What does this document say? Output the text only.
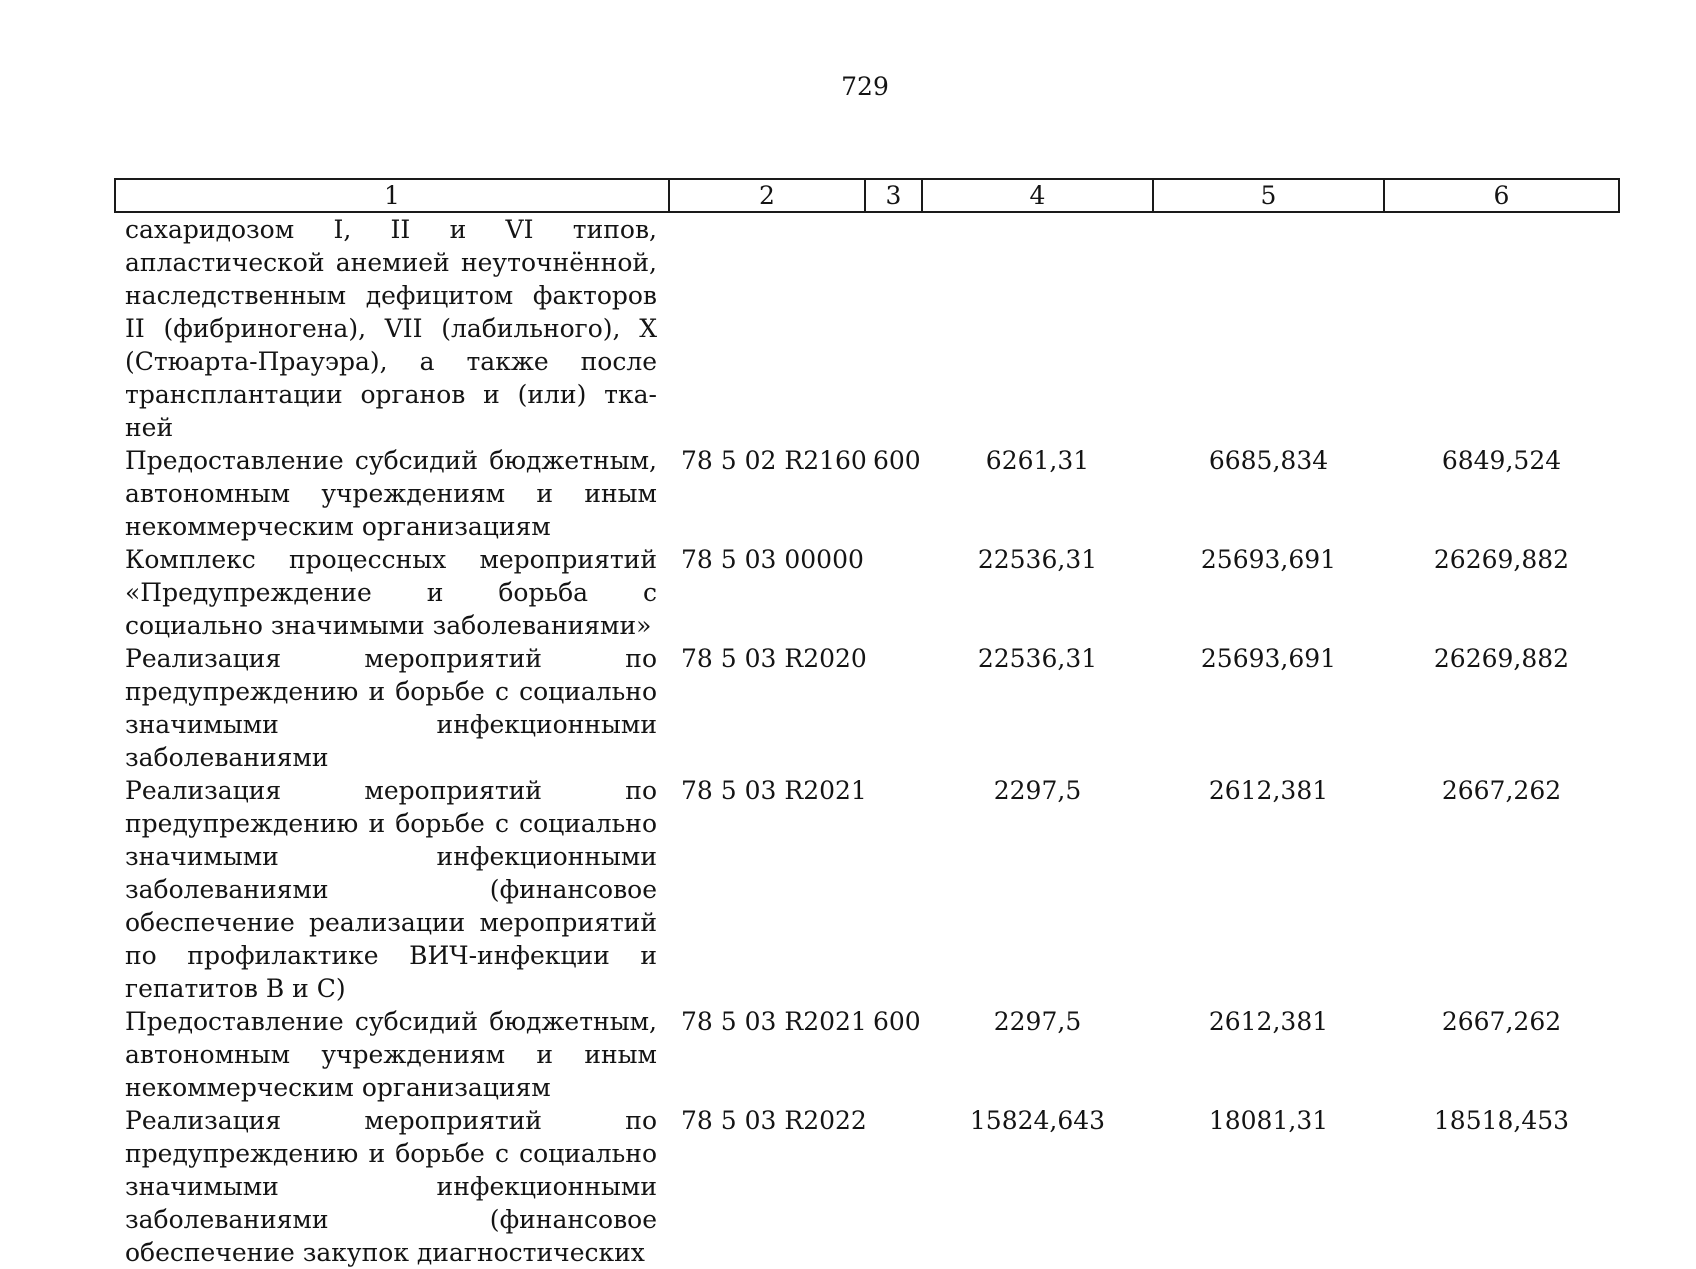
729
1	2	3	4	5	6
сахаридозом I, II и VI типов, апластической анемией неуточнённой, наследственным дефицитом факторов II (фибриногена), VII (лабильного), X (Стюарта-Прауэра), а также после трансплантации органов и (или) тканей					
Предоставление субсидий бюджетным, автономным учреждениям и иным некоммерческим организациям	78 5 02 R2160	600	6261,31	6685,834	6849,524
Комплекс процессных мероприятий «Предупреждение и борьба с социально значимыми заболеваниями»	78 5 03 00000		22536,31	25693,691	26269,882
Реализация мероприятий по предупреждению и борьбе с социально значимыми инфекционными заболеваниями	78 5 03 R2020		22536,31	25693,691	26269,882
Реализация мероприятий по предупреждению и борьбе с социально значимыми инфекционными заболеваниями (финансовое обеспечение реализации мероприятий по профилактике ВИЧ-инфекции и гепатитов B и C)	78 5 03 R2021		2297,5	2612,381	2667,262
Предоставление субсидий бюджетным, автономным учреждениям и иным некоммерческим организациям	78 5 03 R2021	600	2297,5	2612,381	2667,262
Реализация мероприятий по предупреждению и борьбе с социально значимыми инфекционными заболеваниями (финансовое обеспечение закупок диагностических	78 5 03 R2022		15824,643	18081,31	18518,453
